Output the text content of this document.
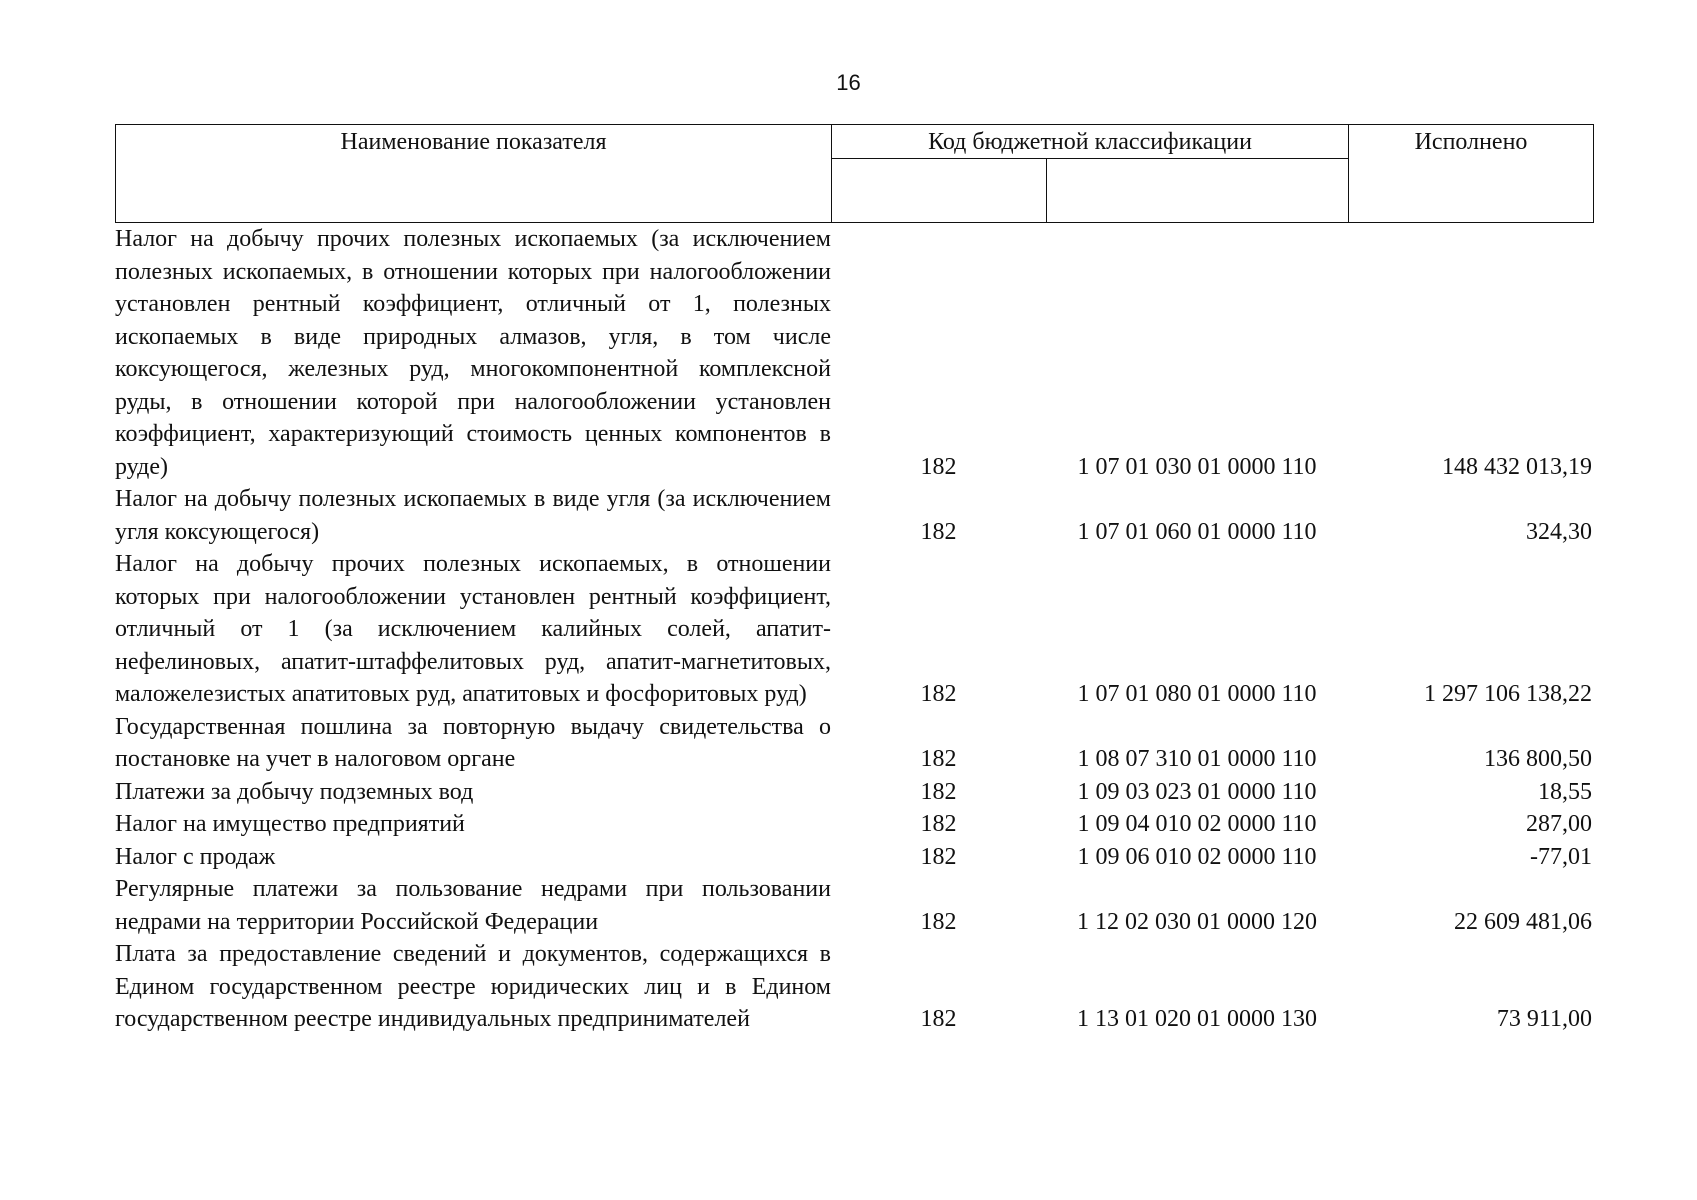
16
Наименование показателя	Код бюджетной классификации	Исполнено
Налог на добычу прочих полезных ископаемых (за исключением полезных ископаемых, в отношении которых при налогообложении установлен рентный коэффициент, отличный от 1, полезных ископаемых в виде природных алмазов, угля, в том числе коксующегося, железных руд, многокомпонентной комплексной руды, в отношении которой при налогообложении установлен коэффициент, характеризующий стоимость ценных компонентов в руде)	182	1 07 01 030 01 0000 110	148 432 013,19
Налог на добычу полезных ископаемых в виде угля (за исключением угля коксующегося)	182	1 07 01 060 01 0000 110	324,30
Налог на добычу прочих полезных ископаемых, в отношении которых при налогообложении установлен рентный коэффициент, отличный от 1 (за исключением калийных солей, апатит-нефелиновых, апатит-штаффелитовых руд, апатит-магнетитовых, маложелезистых апатитовых руд, апатитовых и фосфоритовых руд)	182	1 07 01 080 01 0000 110	1 297 106 138,22
Государственная пошлина за повторную выдачу свидетельства о постановке на учет в налоговом органе	182	1 08 07 310 01 0000 110	136 800,50
Платежи за добычу подземных вод	182	1 09 03 023 01 0000 110	18,55
Налог на имущество предприятий	182	1 09 04 010 02 0000 110	287,00
Налог с продаж	182	1 09 06 010 02 0000 110	-77,01
Регулярные платежи за пользование недрами при пользовании недрами на территории Российской Федерации	182	1 12 02 030 01 0000 120	22 609 481,06
Плата за предоставление сведений и документов, содержащихся в Едином государственном реестре юридических лиц и в Едином государственном реестре индивидуальных предпринимателей	182	1 13 01 020 01 0000 130	73 911,00
